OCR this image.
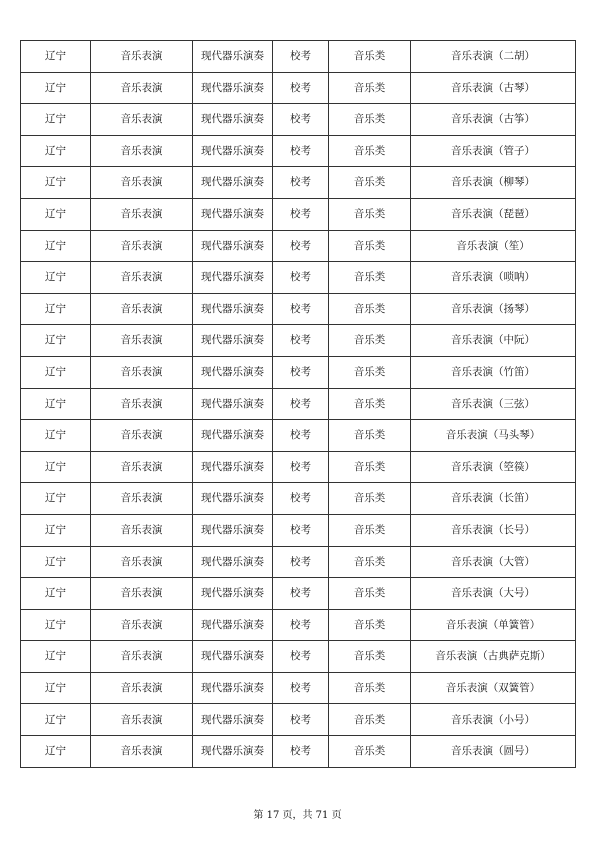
辽宁	音乐表演	现代器乐演奏	校考	音乐类	音乐表演（二胡）
辽宁	音乐表演	现代器乐演奏	校考	音乐类	音乐表演（古琴）
辽宁	音乐表演	现代器乐演奏	校考	音乐类	音乐表演（古筝）
辽宁	音乐表演	现代器乐演奏	校考	音乐类	音乐表演（管子）
辽宁	音乐表演	现代器乐演奏	校考	音乐类	音乐表演（柳琴）
辽宁	音乐表演	现代器乐演奏	校考	音乐类	音乐表演（琵琶）
辽宁	音乐表演	现代器乐演奏	校考	音乐类	音乐表演（笙）
辽宁	音乐表演	现代器乐演奏	校考	音乐类	音乐表演（唢呐）
辽宁	音乐表演	现代器乐演奏	校考	音乐类	音乐表演（扬琴）
辽宁	音乐表演	现代器乐演奏	校考	音乐类	音乐表演（中阮）
辽宁	音乐表演	现代器乐演奏	校考	音乐类	音乐表演（竹笛）
辽宁	音乐表演	现代器乐演奏	校考	音乐类	音乐表演（三弦）
辽宁	音乐表演	现代器乐演奏	校考	音乐类	音乐表演（马头琴）
辽宁	音乐表演	现代器乐演奏	校考	音乐类	音乐表演（箜篌）
辽宁	音乐表演	现代器乐演奏	校考	音乐类	音乐表演（长笛）
辽宁	音乐表演	现代器乐演奏	校考	音乐类	音乐表演（长号）
辽宁	音乐表演	现代器乐演奏	校考	音乐类	音乐表演（大管）
辽宁	音乐表演	现代器乐演奏	校考	音乐类	音乐表演（大号）
辽宁	音乐表演	现代器乐演奏	校考	音乐类	音乐表演（单簧管）
辽宁	音乐表演	现代器乐演奏	校考	音乐类	音乐表演（古典萨克斯）
辽宁	音乐表演	现代器乐演奏	校考	音乐类	音乐表演（双簧管）
辽宁	音乐表演	现代器乐演奏	校考	音乐类	音乐表演（小号）
辽宁	音乐表演	现代器乐演奏	校考	音乐类	音乐表演（圆号）
第 17 页，共 71 页
